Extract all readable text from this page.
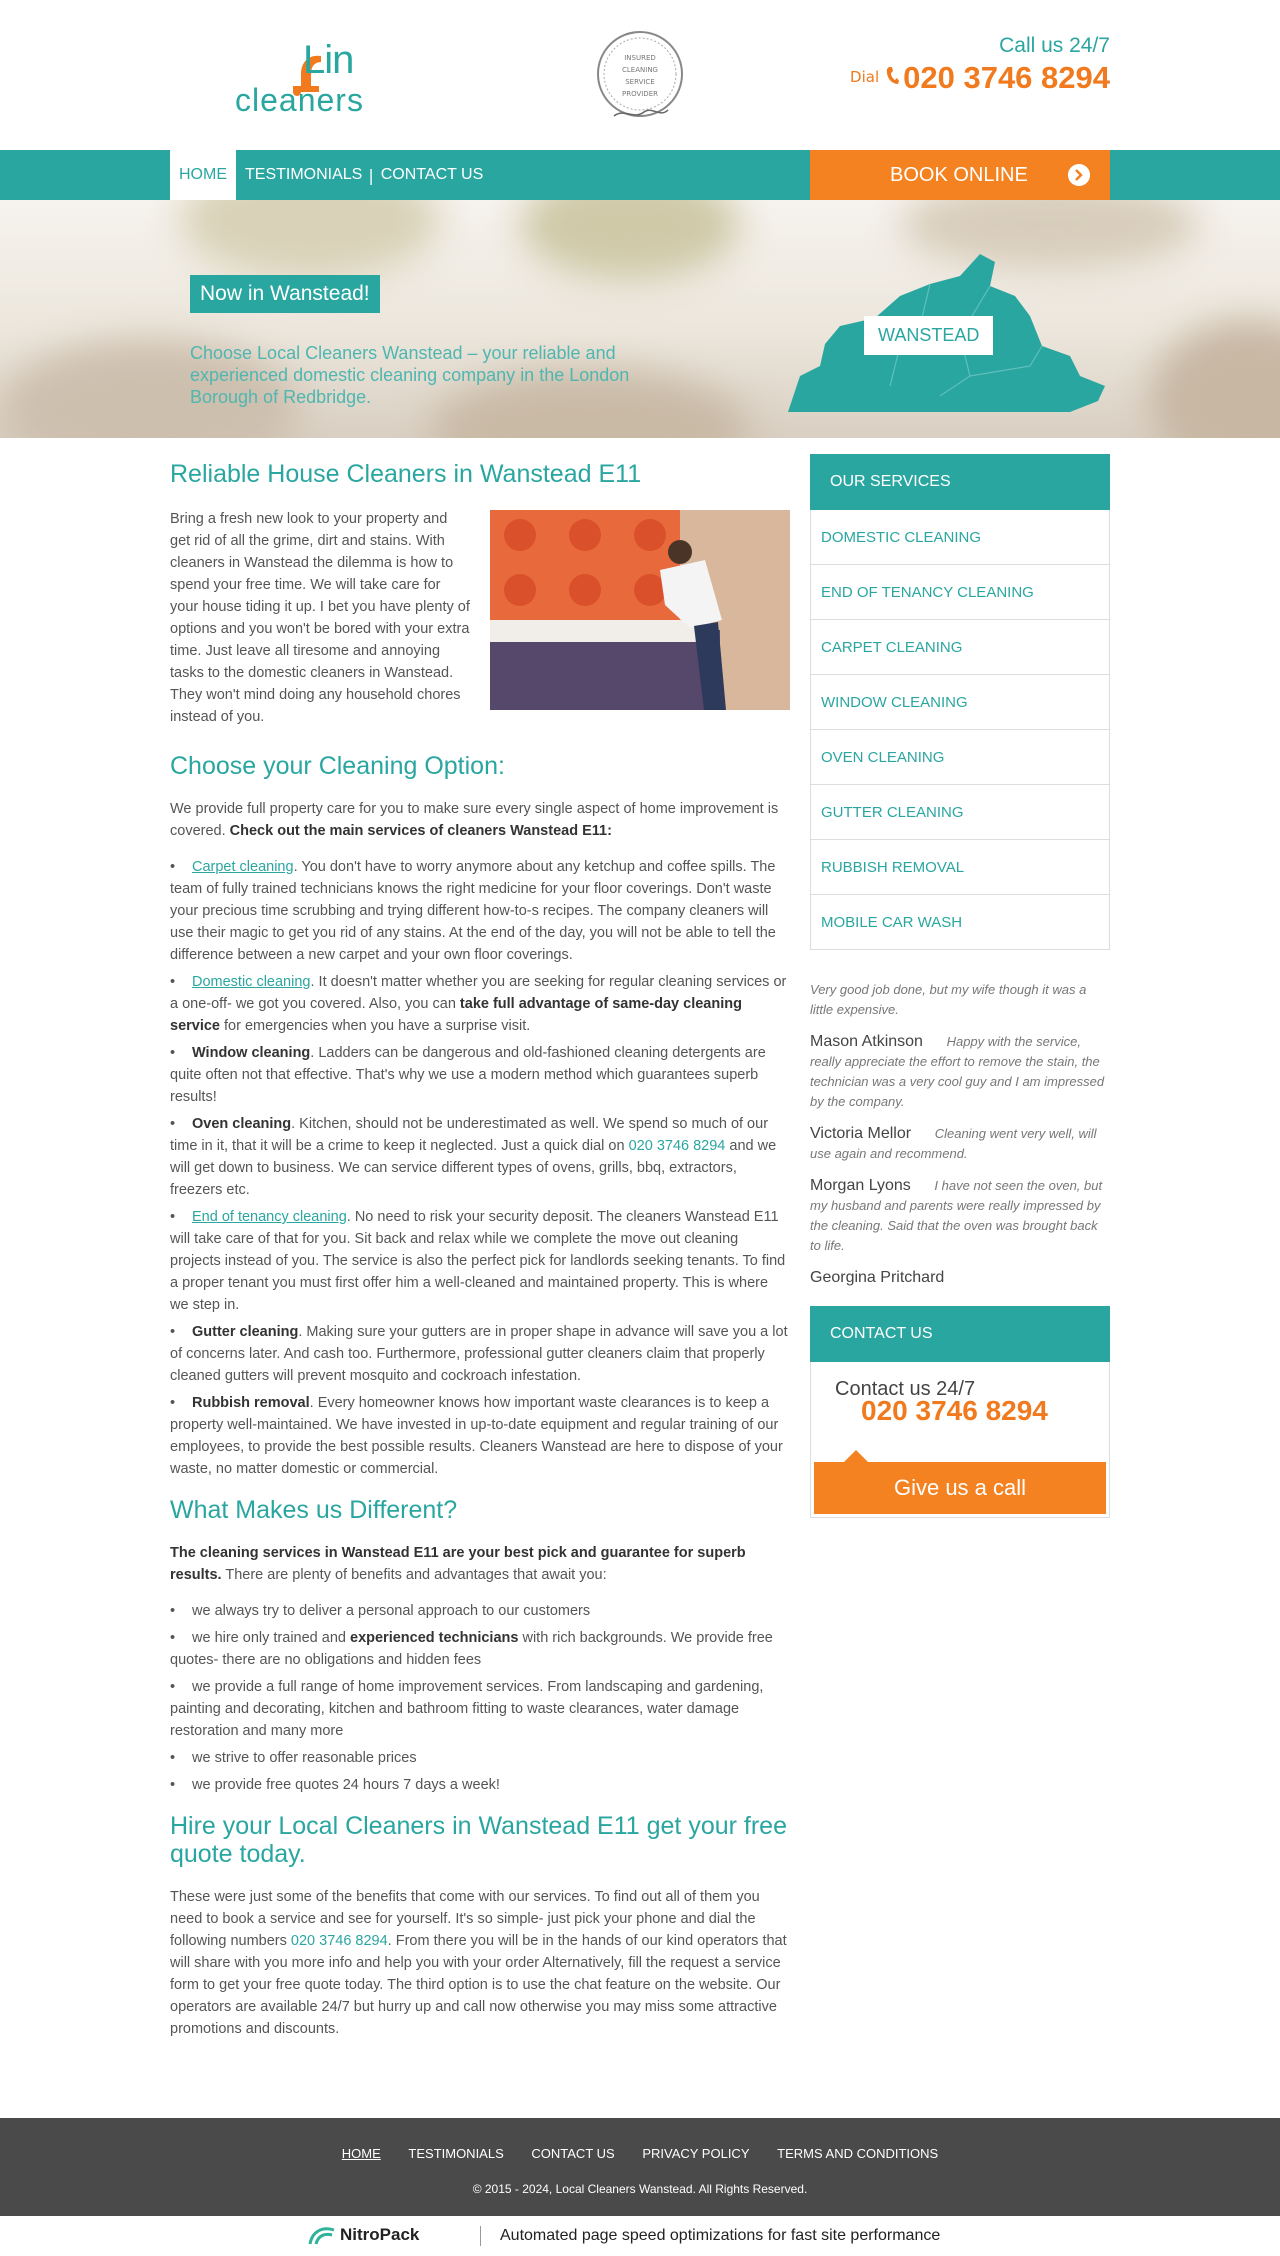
Lin
cleaners
INSURED
CLEANING
SERVICE
PROVIDER
Call us 24/7
Dial 020 3746 8294
HOME	TESTIMONIALS | CONTACT US	BOOK ONLINE
Now in Wanstead!
Choose Local Cleaners Wanstead – your reliable and experienced domestic cleaning company in the London Borough of Redbridge.
WANSTEAD
Reliable House Cleaners in Wanstead E11

Bring a fresh new look to your property and get rid of all the grime, dirt and stains. With cleaners in Wanstead the dilemma is how to spend your free time. We will take care for your house tiding it up. I bet you have plenty of options and you won't be bored with your extra time. Just leave all tiresome and annoying tasks to the domestic cleaners in Wanstead. They won't mind doing any household chores instead of you.

Choose your Cleaning Option:

We provide full property care for you to make sure every single aspect of home improvement is covered. Check out the main services of cleaners Wanstead E11:

•Carpet cleaning. You don't have to worry anymore about any ketchup and coffee spills. The team of fully trained technicians knows the right medicine for your floor coverings. Don't waste your precious time scrubbing and trying different how-to-s recipes. The company cleaners will use their magic to get you rid of any stains. At the end of the day, you will not be able to tell the difference between a new carpet and your own floor coverings.
•Domestic cleaning. It doesn't matter whether you are seeking for regular cleaning services or a one-off- we got you covered. Also, you can take full advantage of same-day cleaning service for emergencies when you have a surprise visit.
•Window cleaning. Ladders can be dangerous and old-fashioned cleaning detergents are quite often not that effective. That's why we use a modern method which guarantees superb results!
•Oven cleaning. Kitchen, should not be underestimated as well. We spend so much of our time in it, that it will be a crime to keep it neglected. Just a quick dial on 020 3746 8294 and we will get down to business. We can service different types of ovens, grills, bbq, extractors, freezers etc.
•End of tenancy cleaning. No need to risk your security deposit. The cleaners Wanstead E11 will take care of that for you. Sit back and relax while we complete the move out cleaning projects instead of you. The service is also the perfect pick for landlords seeking tenants. To find a proper tenant you must first offer him a well-cleaned and maintained property. This is where we step in.
•Gutter cleaning. Making sure your gutters are in proper shape in advance will save you a lot of concerns later. And cash too. Furthermore, professional gutter cleaners claim that properly cleaned gutters will prevent mosquito and cockroach infestation.
•Rubbish removal. Every homeowner knows how important waste clearances is to keep a property well-maintained. We have invested in up-to-date equipment and regular training of our employees, to provide the best possible results. Cleaners Wanstead are here to dispose of your waste, no matter domestic or commercial.
What Makes us Different?

The cleaning services in Wanstead E11 are your best pick and guarantee for superb results. There are plenty of benefits and advantages that await you:

•we always try to deliver a personal approach to our customers
•we hire only trained and experienced technicians with rich backgrounds. We provide free quotes- there are no obligations and hidden fees
•we provide a full range of home improvement services. From landscaping and gardening, painting and decorating, kitchen and bathroom fitting to waste clearances, water damage restoration and many more
•we strive to offer reasonable prices
•we provide free quotes 24 hours 7 days a week!
Hire your Local Cleaners in Wanstead E11 get your free quote today.

These were just some of the benefits that come with our services. To find out all of them you need to book a service and see for yourself. It's so simple- just pick your phone and dial the following numbers 020 3746 8294. From there you will be in the hands of our kind operators that will share with you more info and help you with your order Alternatively, fill the request a service form to get your free quote today. The third option is to use the chat feature on the website. Our operators are available 24/7 but hurry up and call now otherwise you may miss some attractive promotions and discounts.

OUR SERVICES
DOMESTIC CLEANING
END OF TENANCY CLEANING
CARPET CLEANING
WINDOW CLEANING
OVEN CLEANING
GUTTER CLEANING
RUBBISH REMOVAL
MOBILE CAR WASH
Very good job done, but my wife though it was a little expensive.
Mason Atkinson Happy with the service, really appreciate the effort to remove the stain, the technician was a very cool guy and I am impressed by the company.
Victoria Mellor Cleaning went very well, will use again and recommend.
Morgan Lyons I have not seen the oven, but my husband and parents were really impressed by the cleaning. Said that the oven was brought back to life.
Georgina Pritchard
CONTACT US
Contact us 24/7
020 3746 8294
Give us a call
HOME TESTIMONIALS CONTACT US PRIVACY POLICY TERMS AND CONDITIONS
© 2015 - 2024, Local Cleaners Wanstead. All Rights Reserved.
NitroPack	Automated page speed optimizations for fast site performance
